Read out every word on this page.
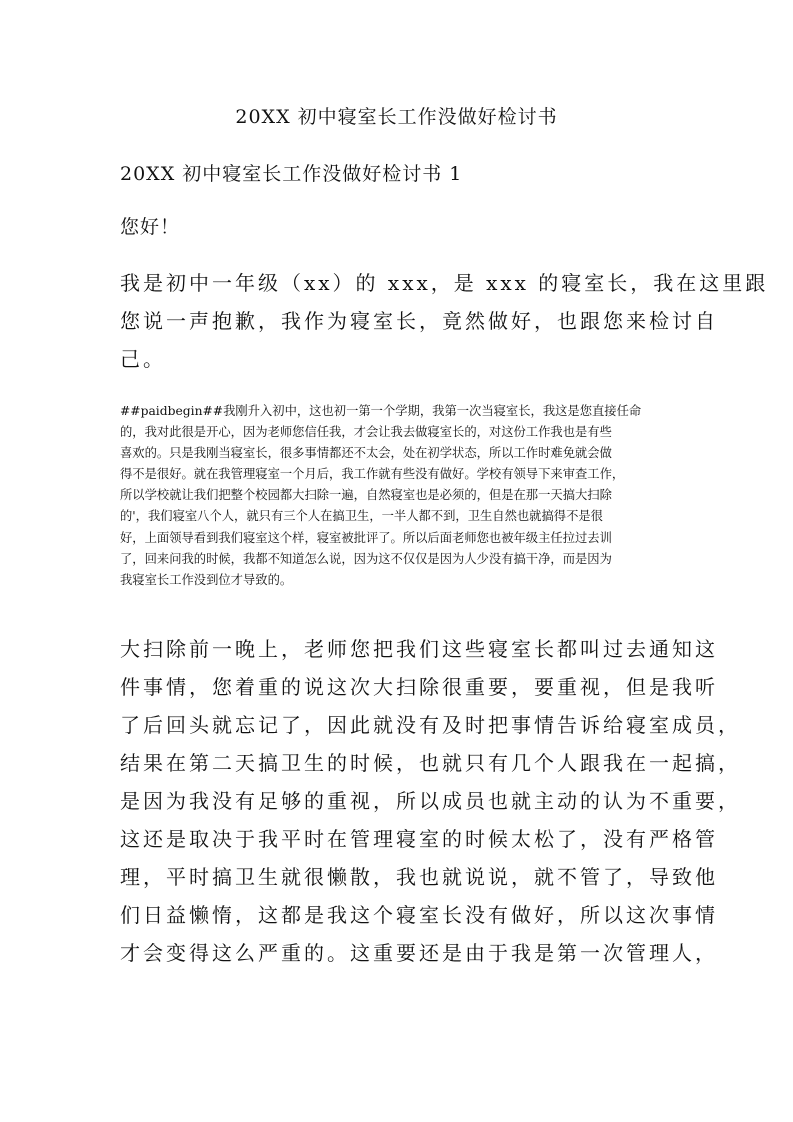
20XX 初中寝室长工作没做好检讨书
20XX 初中寝室长工作没做好检讨书 1
您好！
我是初中一年级（xx）的 xxx，是 xxx 的寝室长，我在这里跟
您说一声抱歉，我作为寝室长，竟然做好，也跟您来检讨自
己。
##paidbegin##我刚升入初中，这也初一第一个学期，我第一次当寝室长，我这是您直接任命
的，我对此很是开心，因为老师您信任我，才会让我去做寝室长的，对这份工作我也是有些
喜欢的。只是我刚当寝室长，很多事情都还不太会，处在初学状态，所以工作时难免就会做
得不是很好。就在我管理寝室一个月后，我工作就有些没有做好。学校有领导下来审查工作，
所以学校就让我们把整个校园都大扫除一遍，自然寝室也是必须的，但是在那一天搞大扫除
的'，我们寝室八个人，就只有三个人在搞卫生，一半人都不到，卫生自然也就搞得不是很
好，上面领导看到我们寝室这个样，寝室被批评了。所以后面老师您也被年级主任拉过去训
了，回来问我的时候，我都不知道怎么说，因为这不仅仅是因为人少没有搞干净，而是因为
我寝室长工作没到位才导致的。
大扫除前一晚上，老师您把我们这些寝室长都叫过去通知这
件事情，您着重的说这次大扫除很重要，要重视，但是我听
了后回头就忘记了，因此就没有及时把事情告诉给寝室成员，
结果在第二天搞卫生的时候，也就只有几个人跟我在一起搞，
是因为我没有足够的重视，所以成员也就主动的认为不重要，
这还是取决于我平时在管理寝室的时候太松了，没有严格管
理，平时搞卫生就很懒散，我也就说说，就不管了，导致他
们日益懒惰，这都是我这个寝室长没有做好，所以这次事情
才会变得这么严重的。这重要还是由于我是第一次管理人，
